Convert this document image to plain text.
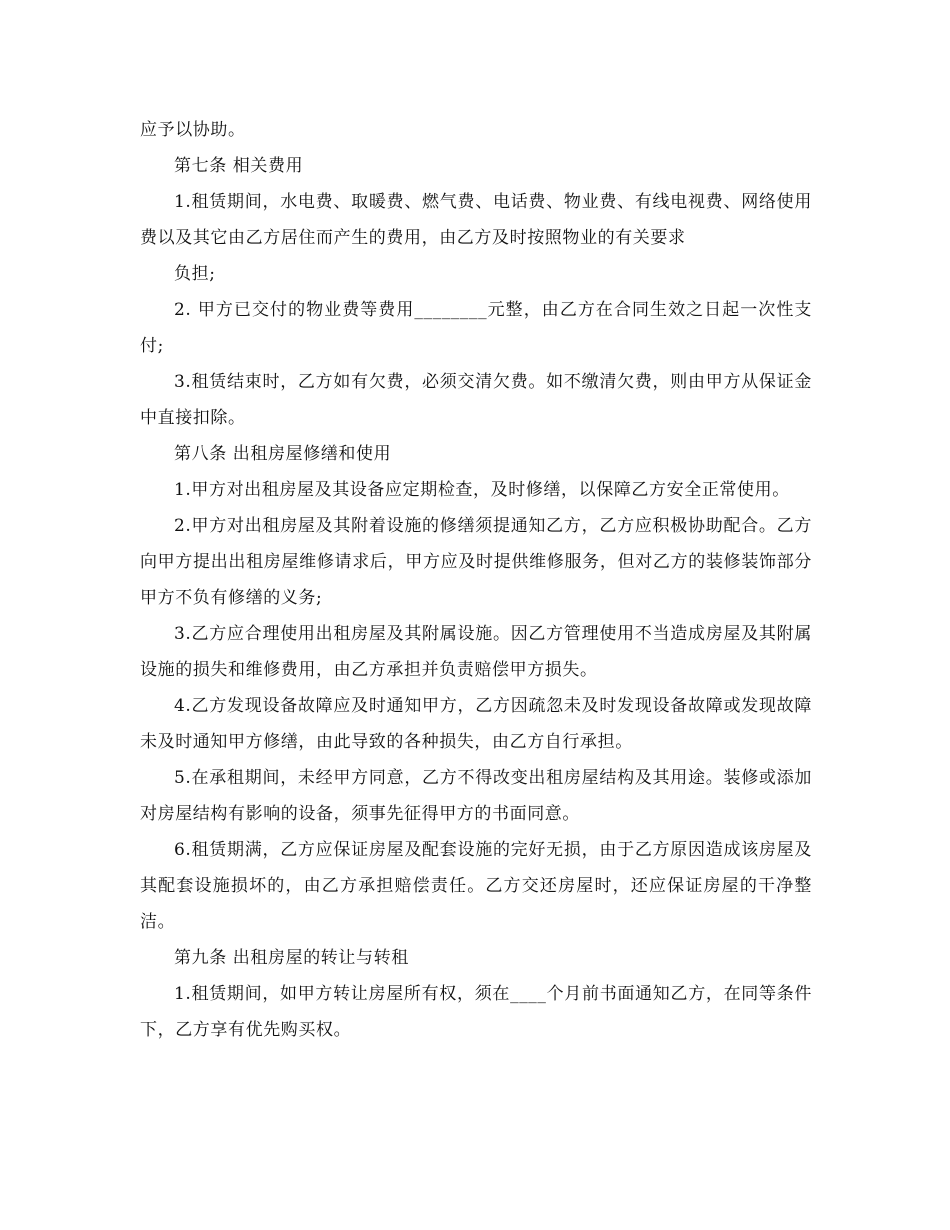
应予以协助。

第七条 相关费用

1.租赁期间，水电费、取暖费、燃气费、电话费、物业费、有线电视费、网络使用费以及其它由乙方居住而产生的费用，由乙方及时按照物业的有关要求

负担;

2. 甲方已交付的物业费等费用________元整，由乙方在合同生效之日起一次性支付;

3.租赁结束时，乙方如有欠费，必须交清欠费。如不缴清欠费，则由甲方从保证金中直接扣除。

第八条 出租房屋修缮和使用

1.甲方对出租房屋及其设备应定期检查，及时修缮，以保障乙方安全正常使用。

2.甲方对出租房屋及其附着设施的修缮须提通知乙方，乙方应积极协助配合。乙方向甲方提出出租房屋维修请求后，甲方应及时提供维修服务，但对乙方的装修装饰部分甲方不负有修缮的义务;

3.乙方应合理使用出租房屋及其附属设施。因乙方管理使用不当造成房屋及其附属设施的损失和维修费用，由乙方承担并负责赔偿甲方损失。

4.乙方发现设备故障应及时通知甲方，乙方因疏忽未及时发现设备故障或发现故障未及时通知甲方修缮，由此导致的各种损失，由乙方自行承担。

5.在承租期间，未经甲方同意，乙方不得改变出租房屋结构及其用途。装修或添加对房屋结构有影响的设备，须事先征得甲方的书面同意。

6.租赁期满，乙方应保证房屋及配套设施的完好无损，由于乙方原因造成该房屋及其配套设施损坏的，由乙方承担赔偿责任。乙方交还房屋时，还应保证房屋的干净整洁。

第九条 出租房屋的转让与转租

1.租赁期间，如甲方转让房屋所有权，须在____个月前书面通知乙方，在同等条件下，乙方享有优先购买权。
